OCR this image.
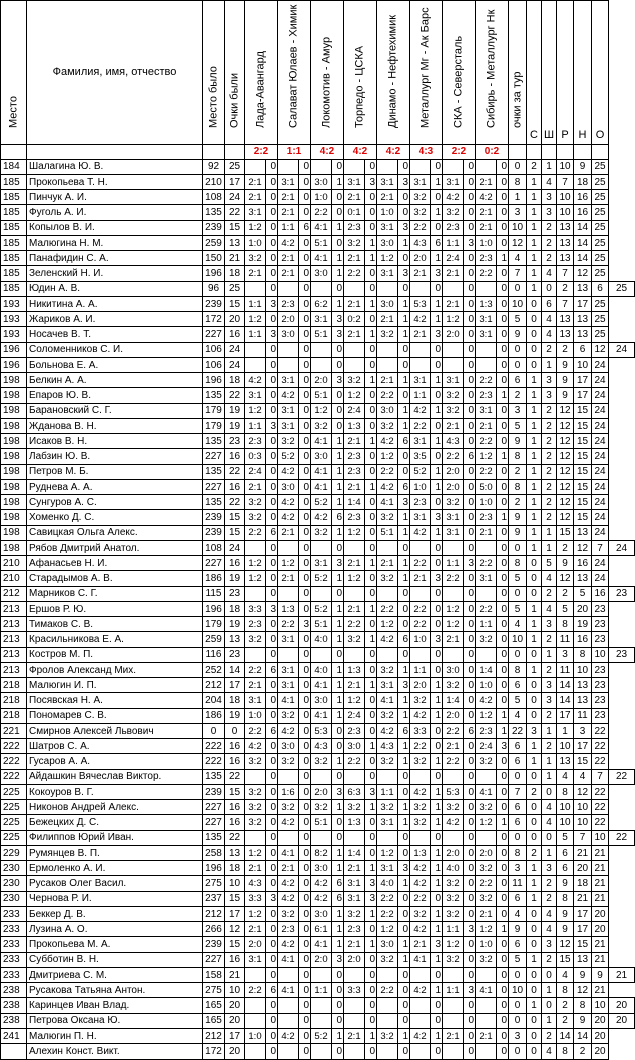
Место	Фамилия, имя, отчество	Место было	Очки были	Лада-Авангард		Салават Юлаев - Химик		Локомотив - Амур		Торпедо - ЦСКА		Динамо - Нефтехимик		Металлург Мг - Ак Барс		СКА - Северсталь		Сибирь - Металлург Нк		очки за тур	С	Ш	Р	Н	О	

				2:2		1:1		4:2		4:2		4:2		4:3		2:2		0:2								
184	Шалагина Ю. В.	92	25		0		0		0		0		0		0		0		0	0	2	1	10	9	25	
185	Прокопьева Т. Н.	210	17	2:1	0	3:1	0	3:0	1	3:1	3	3:1	3	3:1	1	3:1	0	2:1	0	8	1	4	7	18	25	
185	Пинчук А. И.	108	24	2:1	0	2:1	0	1:0	0	2:1	0	2:1	0	3:2	0	4:2	0	4:2	0	1	1	3	10	16	25	
185	Фуголь А. И.	135	22	3:1	0	2:1	0	2:2	0	0:1	0	1:0	0	3:2	1	3:2	0	2:1	0	3	1	3	10	16	25	
185	Копылов В. И.	239	15	1:2	0	1:1	6	4:1	1	2:3	0	3:1	3	2:2	0	2:3	0	2:1	0	10	1	2	13	14	25	
185	Малюгина Н. М.	259	13	1:0	0	4:2	0	5:1	0	3:2	1	3:0	1	4:3	6	1:1	3	1:0	0	12	1	2	13	14	25	
185	Панафидин С. А.	150	21	3:2	0	2:1	0	4:1	1	2:1	1	1:2	0	2:0	1	2:4	0	2:3	1	4	1	2	13	14	25	
185	Зеленский Н. И.	196	18	2:1	0	2:1	0	3:0	1	2:2	0	3:1	3	2:1	3	2:1	0	2:2	0	7	1	4	7	12	25	
185	Юдин А. В.	96	25		0		0		0		0		0		0		0		0	0	1	0	2	13	6	25
193	Никитина А. А.	239	15	1:1	3	2:3	0	6:2	1	2:1	1	3:0	1	5:3	1	2:1	0	1:3	0	10	0	6	7	17	25	
193	Жариков А. И.	172	20	1:2	0	2:0	0	3:1	3	0:2	0	2:1	1	4:2	1	1:2	0	3:1	0	5	0	4	13	13	25	
193	Носачев В. Т.	227	16	1:1	3	3:0	0	5:1	3	2:1	1	3:2	1	2:1	3	2:0	0	3:1	0	9	0	4	13	13	25	
196	Соломенников С. И.	106	24		0		0		0		0		0		0		0		0	0	0	2	2	6	12	24
196	Больнова Е. А.	106	24		0		0		0		0		0		0		0		0	0	0	1	9	10	24	
198	Белкин А. А.	196	18	4:2	0	3:1	0	2:0	3	3:2	1	2:1	1	3:1	1	3:1	0	2:2	0	6	1	3	9	17	24	
198	Епаров Ю. В.	135	22	3:1	0	4:2	0	5:1	0	1:2	0	2:2	0	1:1	0	3:2	0	2:3	1	2	1	3	9	17	24	
198	Барановский С. Г.	179	19	1:2	0	3:1	0	1:2	0	2:4	0	3:0	1	4:2	1	3:2	0	3:1	0	3	1	2	12	15	24	
198	Жданова В. Н.	179	19	1:1	3	3:1	0	3:2	0	1:3	0	3:2	1	2:2	0	2:1	0	2:1	0	5	1	2	12	15	24	
198	Исаков В. Н.	135	23	2:3	0	3:2	0	4:1	1	2:1	1	4:2	6	3:1	1	4:3	0	2:2	0	9	1	2	12	15	24	
198	Лабзин Ю. В.	227	16	0:3	0	5:2	0	3:0	1	2:3	0	1:2	0	3:5	0	2:2	6	1:2	1	8	1	2	12	15	24	
198	Петров М. Б.	135	22	2:4	0	4:2	0	4:1	1	2:3	0	2:2	0	5:2	1	2:0	0	2:2	0	2	1	2	12	15	24	
198	Руднева А. А.	227	16	2:1	0	3:0	0	4:1	1	2:1	1	4:2	6	1:0	1	2:0	0	5:0	0	8	1	2	12	15	24	
198	Сунгуров А. С.	135	22	3:2	0	4:2	0	5:2	1	1:4	0	4:1	3	2:3	0	3:2	0	1:0	0	2	1	2	12	15	24	
198	Хоменко Д. С.	239	15	3:2	0	4:2	0	4:2	6	2:3	0	3:2	1	3:1	3	3:1	0	2:3	1	9	1	2	12	15	24	
198	Савицкая Ольга Алекс.	239	15	2:2	6	2:1	0	3:2	1	1:2	0	5:1	1	4:2	1	3:1	0	2:1	0	9	1	1	15	13	24	
198	Рябов Дмитрий Анатол.	108	24		0		0		0		0		0		0		0		0	0	1	1	2	12	7	24
210	Афанасьев Н. И.	227	16	1:2	0	1:2	0	3:1	3	2:1	1	2:1	1	2:2	0	1:1	3	2:2	0	8	0	5	9	16	24	
210	Старадымов А. В.	186	19	1:2	0	2:1	0	5:2	1	1:2	0	3:2	1	2:1	3	2:2	0	3:1	0	5	0	4	12	13	24	
212	Марников С. Г.	115	23		0		0		0		0		0		0		0		0	0	0	2	2	5	16	23
213	Ершов Р. Ю.	196	18	3:3	3	1:3	0	5:2	1	2:1	1	2:2	0	2:2	0	1:2	0	2:2	0	5	1	4	5	20	23	
213	Тимаков С. В.	179	19	2:3	0	2:2	3	5:1	1	2:2	0	1:2	0	2:2	0	1:2	0	1:1	0	4	1	3	8	19	23	
213	Красильникова Е. А.	259	13	3:2	0	3:1	0	4:0	1	3:2	1	4:2	6	1:0	3	2:1	0	3:2	0	10	1	2	11	16	23	
213	Костров М. П.	116	23		0		0		0		0		0		0		0		0	0	0	1	3	8	10	23
213	Фролов Александ Мих.	252	14	2:2	6	3:1	0	4:0	1	1:3	0	3:2	1	1:1	0	3:0	0	1:4	0	8	1	2	11	10	23	
218	Малюгин И. П.	212	17	2:1	0	3:1	0	4:1	1	2:1	1	3:1	3	2:0	1	3:2	0	1:0	0	6	0	3	14	13	23	
218	Посявская Н. А.	204	18	3:1	0	4:1	0	3:0	1	1:2	0	4:1	1	3:2	1	1:4	0	4:2	0	5	0	3	14	13	23	
218	Пономарев С. В.	186	19	1:0	0	3:2	0	4:1	1	2:4	0	3:2	1	4:2	1	2:0	0	1:2	1	4	0	2	17	11	23	
221	Смирнов Алексей Львович	0	0	2:2	6	4:2	0	5:3	0	2:3	0	4:2	6	3:3	0	2:2	6	2:3	1	22	3	1	1	3	22	
222	Шатров С. А.	222	16	4:2	0	3:0	0	4:3	0	3:0	1	4:3	1	2:2	0	2:1	0	2:4	3	6	1	2	10	17	22	
222	Гусаров А. А.	222	16	3:2	0	3:2	0	3:2	1	2:2	0	3:2	1	3:2	1	2:2	0	3:2	0	6	1	1	13	15	22	
222	Айдашкин Вячеслав Виктор.	135	22		0		0		0		0		0		0		0		0	0	0	1	4	4	7	22
225	Кокоуров В. Г.	239	15	3:2	0	1:6	0	2:0	3	6:3	3	1:1	0	4:2	1	5:3	0	4:1	0	7	2	0	8	12	22	
225	Никонов Андрей Алекс.	227	16	3:2	0	3:2	0	3:2	1	3:2	1	3:2	1	3:2	1	3:2	0	3:2	0	6	0	4	10	10	22	
225	Бежецких Д. С.	227	16	3:2	0	4:2	0	5:1	0	1:3	0	3:1	1	3:2	1	4:2	0	1:2	1	6	0	4	10	10	22	
225	Филиппов Юрий Иван.	135	22		0		0		0		0		0		0		0		0	0	0	0	5	7	10	22
229	Румянцев В. П.	258	13	1:2	0	4:1	0	8:2	1	1:4	0	1:2	0	1:3	1	2:0	0	2:0	0	8	2	1	6	21	21	
230	Ермоленко А. И.	196	18	2:1	0	2:1	0	3:0	1	2:1	1	3:1	3	4:2	1	4:0	0	3:2	0	3	1	3	6	20	21	
230	Русаков Олег Васил.	275	10	4:3	0	4:2	0	4:2	6	3:1	3	4:0	1	4:2	1	3:2	0	2:2	0	11	1	2	9	18	21	
230	Чернова Р. И.	237	15	3:3	3	4:2	0	4:2	6	3:1	3	2:2	0	2:2	0	3:2	0	3:2	0	6	1	2	8	21	21	
233	Беккер Д. В.	212	17	1:2	0	3:2	0	3:0	1	3:2	1	2:2	0	3:2	1	3:2	0	2:1	0	4	0	4	9	17	20	
233	Лузина А. О.	266	12	2:1	0	2:3	0	6:1	1	2:3	0	1:2	0	4:2	1	1:1	3	1:2	1	9	0	4	9	17	20	
233	Прокопьева М. А.	239	15	2:0	0	4:2	0	4:1	1	2:1	1	3:0	1	2:1	3	1:2	0	1:0	0	6	0	3	12	15	21	
233	Субботин В. Н.	227	16	3:1	0	4:1	0	2:0	3	2:0	0	3:2	1	4:1	1	3:2	0	3:2	0	5	1	2	15	13	21	
233	Дмитриева С. М.	158	21		0		0		0		0		0		0		0		0	0	0	0	4	9	9	21
238	Русакова Татьяна Антон.	275	10	2:2	6	4:1	0	1:1	0	3:3	0	2:2	0	4:2	1	1:1	3	4:1	0	10	0	1	8	12	21	
238	Каринцев Иван Влад.	165	20		0		0		0		0		0		0		0		0	0	1	0	2	8	10	20
238	Петрова Оксана Ю.	165	20		0		0		0		0		0		0		0		0	0	0	1	2	9	20	20
241	Малюгин П. Н.	212	17	1:0	0	4:2	0	5:2	1	2:1	1	3:2	1	4:2	1	2:1	0	2:1	0	3	0	2	14	14	20	
	Алехин Конст. Викт.	172	20		0		0		0		0		0		0		0		0	0	0	4	8	2	20	
